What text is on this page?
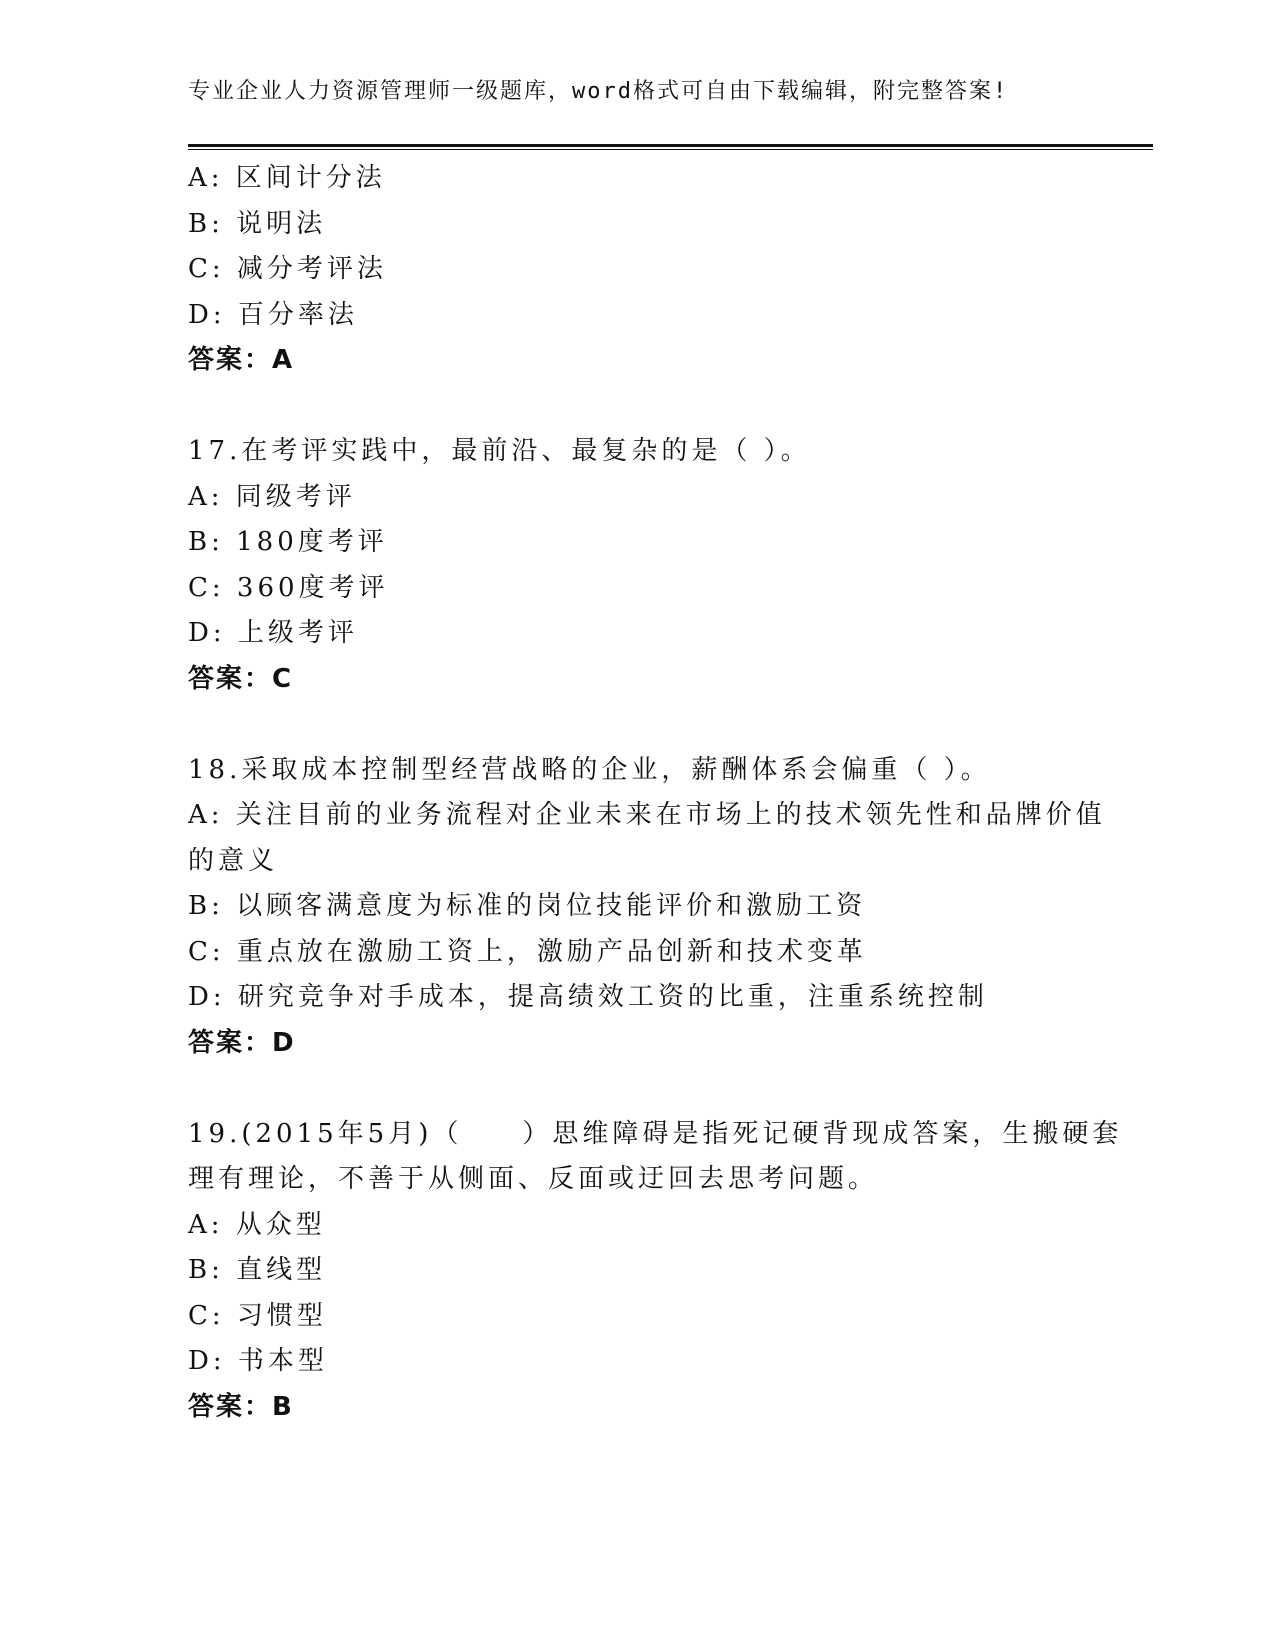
专业企业人力资源管理师一级题库，word格式可自由下载编辑，附完整答案!
A: 区间计分法
B: 说明法
C: 减分考评法
D: 百分率法
答案：A
17.在考评实践中，最前沿、最复杂的是（ ）。
A: 同级考评
B: 180度考评
C: 360度考评
D: 上级考评
答案：C
18.采取成本控制型经营战略的企业，薪酬体系会偏重（ ）。
A: 关注目前的业务流程对企业未来在市场上的技术领先性和品牌价值
的意义
B: 以顾客满意度为标准的岗位技能评价和激励工资
C: 重点放在激励工资上，激励产品创新和技术变革
D: 研究竞争对手成本，提高绩效工资的比重，注重系统控制
答案：D
19.(2015年5月)（　　）思维障碍是指死记硬背现成答案，生搬硬套
理有理论，不善于从侧面、反面或迂回去思考问题。
A: 从众型
B: 直线型
C: 习惯型
D: 书本型
答案：B
